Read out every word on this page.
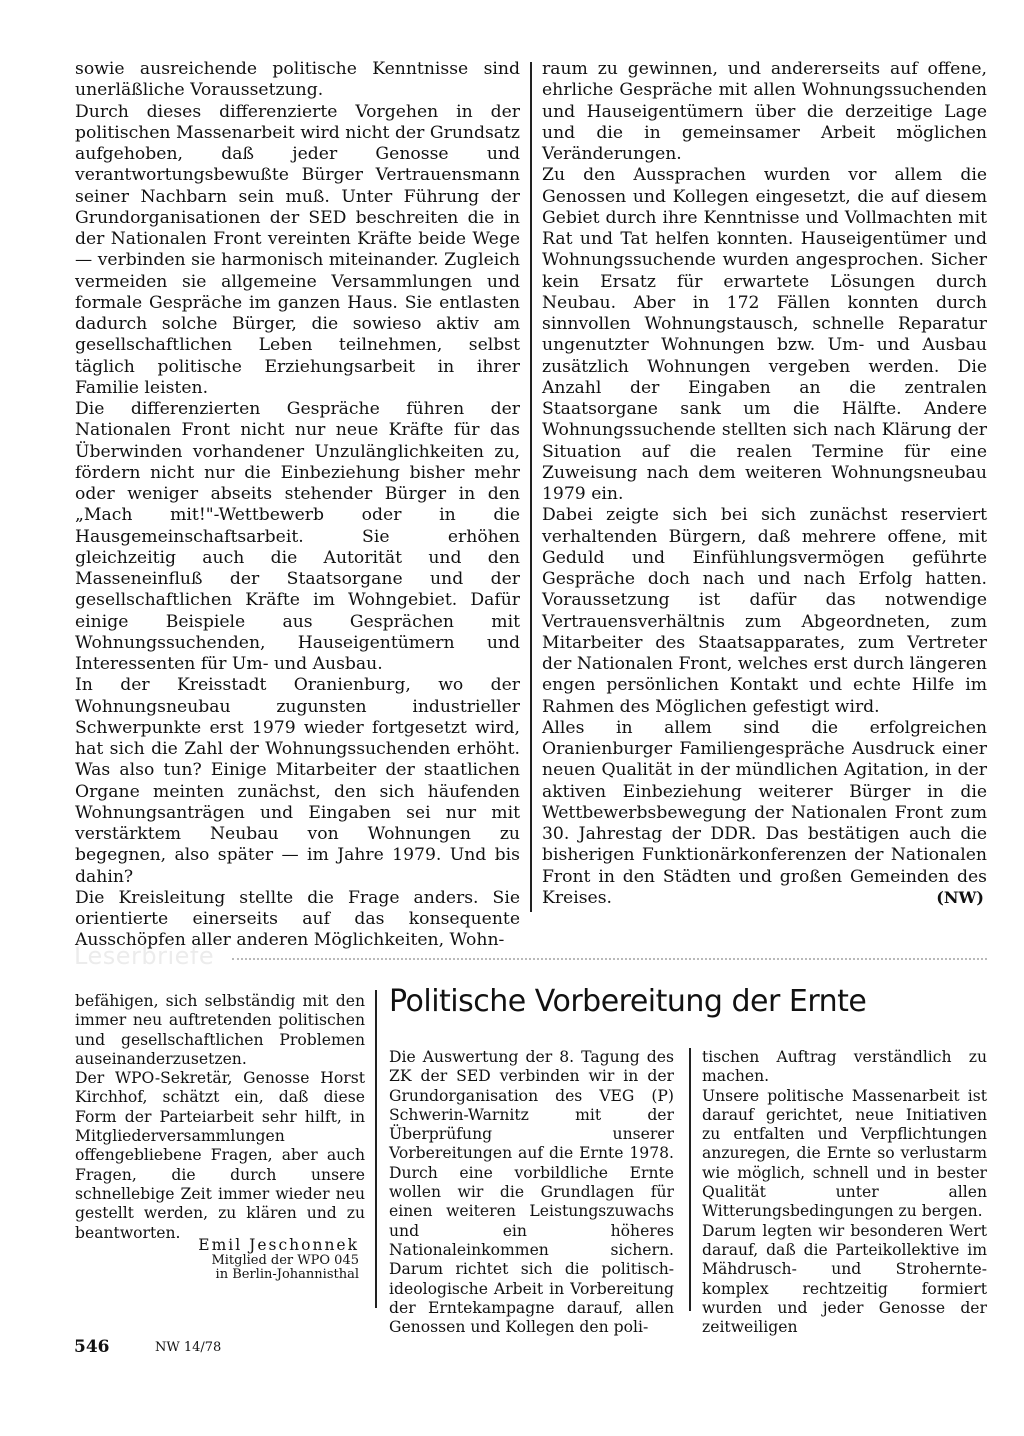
sowie ausreichende politische Kenntnisse sind unerläßliche Voraussetzung.

Durch dieses differenzierte Vorgehen in der politischen Massenarbeit wird nicht der Grundsatz aufgehoben, daß jeder Genosse und verantwortungsbewußte Bürger Vertrauensmann seiner Nachbarn sein muß. Unter Führung der Grundorganisationen der SED beschreiten die in der Nationalen Front vereinten Kräfte beide Wege — verbinden sie harmonisch miteinander. Zugleich vermeiden sie allgemeine Versammlungen und formale Gespräche im ganzen Haus. Sie entlasten dadurch solche Bürger, die sowieso aktiv am gesellschaftlichen Leben teilnehmen, selbst täglich politische Erziehungsarbeit in ihrer Familie leisten.

Die differenzierten Gespräche führen der Nationalen Front nicht nur neue Kräfte für das Überwinden vorhandener Unzulänglichkeiten zu, fördern nicht nur die Einbeziehung bisher mehr oder weniger abseits stehender Bürger in den „Mach mit!"-Wettbewerb oder in die Hausgemeinschaftsarbeit. Sie erhöhen gleichzeitig auch die Autorität und den Masseneinfluß der Staatsorgane und der gesellschaftlichen Kräfte im Wohngebiet. Dafür einige Beispiele aus Gesprächen mit Wohnungssuchenden, Hauseigentümern und Interessenten für Um- und Ausbau.

In der Kreisstadt Oranienburg, wo der Wohnungsneubau zugunsten industrieller Schwerpunkte erst 1979 wieder fortgesetzt wird, hat sich die Zahl der Wohnungssuchenden erhöht. Was also tun? Einige Mitarbeiter der staatlichen Organe meinten zunächst, den sich häufenden Wohnungsanträgen und Eingaben sei nur mit verstärktem Neubau von Wohnungen zu begegnen, also später — im Jahre 1979. Und bis dahin?

Die Kreisleitung stellte die Frage anders. Sie orientierte einerseits auf das konsequente Ausschöpfen aller anderen Möglichkeiten, Wohn-

raum zu gewinnen, und andererseits auf offene, ehrliche Gespräche mit allen Wohnungssuchenden und Hauseigentümern über die derzeitige Lage und die in gemeinsamer Arbeit möglichen Veränderungen.

Zu den Aussprachen wurden vor allem die Genossen und Kollegen eingesetzt, die auf diesem Gebiet durch ihre Kenntnisse und Vollmachten mit Rat und Tat helfen konnten. Hauseigentümer und Wohnungssuchende wurden angesprochen. Sicher kein Ersatz für erwartete Lösungen durch Neubau. Aber in 172 Fällen konnten durch sinnvollen Wohnungstausch, schnelle Reparatur ungenutzter Wohnungen bzw. Um- und Ausbau zusätzlich Wohnungen vergeben werden. Die Anzahl der Eingaben an die zentralen Staatsorgane sank um die Hälfte. Andere Wohnungssuchende stellten sich nach Klärung der Situation auf die realen Termine für eine Zuweisung nach dem weiteren Wohnungsneubau 1979 ein.

Dabei zeigte sich bei sich zunächst reserviert verhaltenden Bürgern, daß mehrere offene, mit Geduld und Einfühlungsvermögen geführte Gespräche doch nach und nach Erfolg hatten. Voraussetzung ist dafür das notwendige Vertrauensverhältnis zum Abgeordneten, zum Mitarbeiter des Staatsapparates, zum Vertreter der Nationalen Front, welches erst durch längeren engen persönlichen Kontakt und echte Hilfe im Rahmen des Möglichen gefestigt wird.

Alles in allem sind die erfolgreichen Oranienburger Familiengespräche Ausdruck einer neuen Qualität in der mündlichen Agitation, in der aktiven Einbeziehung weiterer Bürger in die Wettbewerbsbewegung der Nationalen Front zum 30. Jahrestag der DDR. Das bestätigen auch die bisherigen Funktionärkonferenzen der Nationalen Front in den Städten und großen Gemeinden des Kreises.	(NW)
Leserbriefe

befähigen, sich selbständig mit den immer neu auftretenden politischen und gesellschaftlichen Problemen auseinanderzusetzen.

Der WPO-Sekretär, Genosse Horst Kirchhof, schätzt ein, daß diese Form der Parteiarbeit sehr hilft, in Mitgliederversammlungen offengebliebene Fragen, aber auch Fragen, die durch unsere schnellebige Zeit immer wieder neu gestellt werden, zu klären und zu beantworten.

Emil Jeschonnek
Mitglied der WPO 045
in Berlin-Johannisthal
Politische Vorbereitung der Ernte

Die Auswertung der 8. Tagung des ZK der SED verbinden wir in der Grundorganisation des VEG (P) Schwerin-Warnitz mit der Überprüfung unserer Vorbereitungen auf die Ernte 1978. Durch eine vorbildliche Ernte wollen wir die Grundlagen für einen weiteren Leistungszuwachs und ein höheres Nationaleinkommen sichern. Darum richtet sich die politisch-ideologische Arbeit in Vorbereitung der Erntekampagne darauf, allen Genossen und Kollegen den poli-

tischen Auftrag verständlich zu machen.

Unsere politische Massenarbeit ist darauf gerichtet, neue Initiativen zu entfalten und Verpflichtungen anzuregen, die Ernte so verlustarm wie möglich, schnell und in bester Qualität unter allen Witterungsbedingungen zu bergen.

Darum legten wir besonderen Wert darauf, daß die Parteikollektive im Mähdrusch- und Stroherntekomplex rechtzeitig formiert wurden und jeder Genosse der zeitweiligen

546	NW 14/78
